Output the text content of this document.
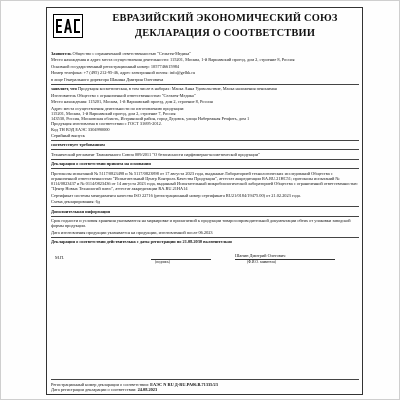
ЕВРАЗИЙСКИЙ ЭКОНОМИЧЕСКИЙ СОЮЗ
ДЕКЛАРАЦИЯ О СООТВЕТСТВИИ

Заявитель Общество с ограниченной ответственностью "Сельтея-Медика"

Место нахождения и адрес места осуществления деятельности: 115201, Москва, 1-й Варшавский проезд, дом 2, строение 8, Россия

Основной государственный регистрационный номер: 1057746615984

Номер телефона: +7 (495) 212-95-46, адрес электронной почты: info@gelbk.ru

в лице Генерального директора Шанина Дмитрия Олеговича

заявляет, что Продукция косметическая, в том числе в наборах: Маска Анна Удовольствие, Маска наложения пенонимая

Изготовитель Общество с ограниченной ответственностью "Сельтея-Медика"

Место нахождения: 115201, Москва, 1-й Варшавский проезд, дом 2, строение 8, Россия

Адрес места осуществления деятельности по изготовлению продукции:

115201, Москва, 1-й Варшавский проезд, дом 2, строение 7, Россия

143530, Россия, Московская область, Истринский район, город Дедовск, улица Набережная Речфоть, дом 1

Продукция изготовлена в соответствии с ГОСТ 31695-2012.

Код ТН ВЭД ЕАЭС 3304990000

Серийный выпуск

соответствует требованиям

Технический регламент Таможенного Союза 009/2011 "О безопасности парфюмерно-косметической продукции"

Декларация о соответствии принята на основании

Протоколы испытаний № 5117/0823498 и № 5117/0823898 от 17 августа 2023 года, выданные Лабораторией технологических исследований Общества с ограниченной ответственностью "Испытательный Центр Контроль Качества Продукции", аттестат аккредитации RA.RU.21HC51; протоколы испытаний № 0114/0823437 и № 0114/0823436 от 14 августа 2023 года, выданный Испытательный микробиологической лабораторией Общества с ограниченной ответственностью "Центр Новых Технологий плюс", аттестат аккредитации RA.RU.21HA14

Сертификат системы менеджмента качества ISO 22716 (регистрационный номер сертификата RU21/0184/19475.00) от 21.02.2023 года.

Схема декларирования: 6д

Дополнительная информация

Срок годности и условия хранения указываются на маркировке и прилагаемой к продукции товаросопроводительной документации обеих от упаковки заводской формы продукции.

Дата изготовления продукции указывается на продукции, изготовленной после 06.2023

Декларация о соответствии действительна с даты регистрации по 21.08.2030 включительно

М.П.
(подпись)
Шанин Дмитрий Олегович
(Ф.И.О. заявителя)

Регистрационный номер декларации о соответствии: ЕАЭС N RU Д-RU.PA06.B.71335/23

Дата регистрации декларации о соответствии: 24.08.2023
